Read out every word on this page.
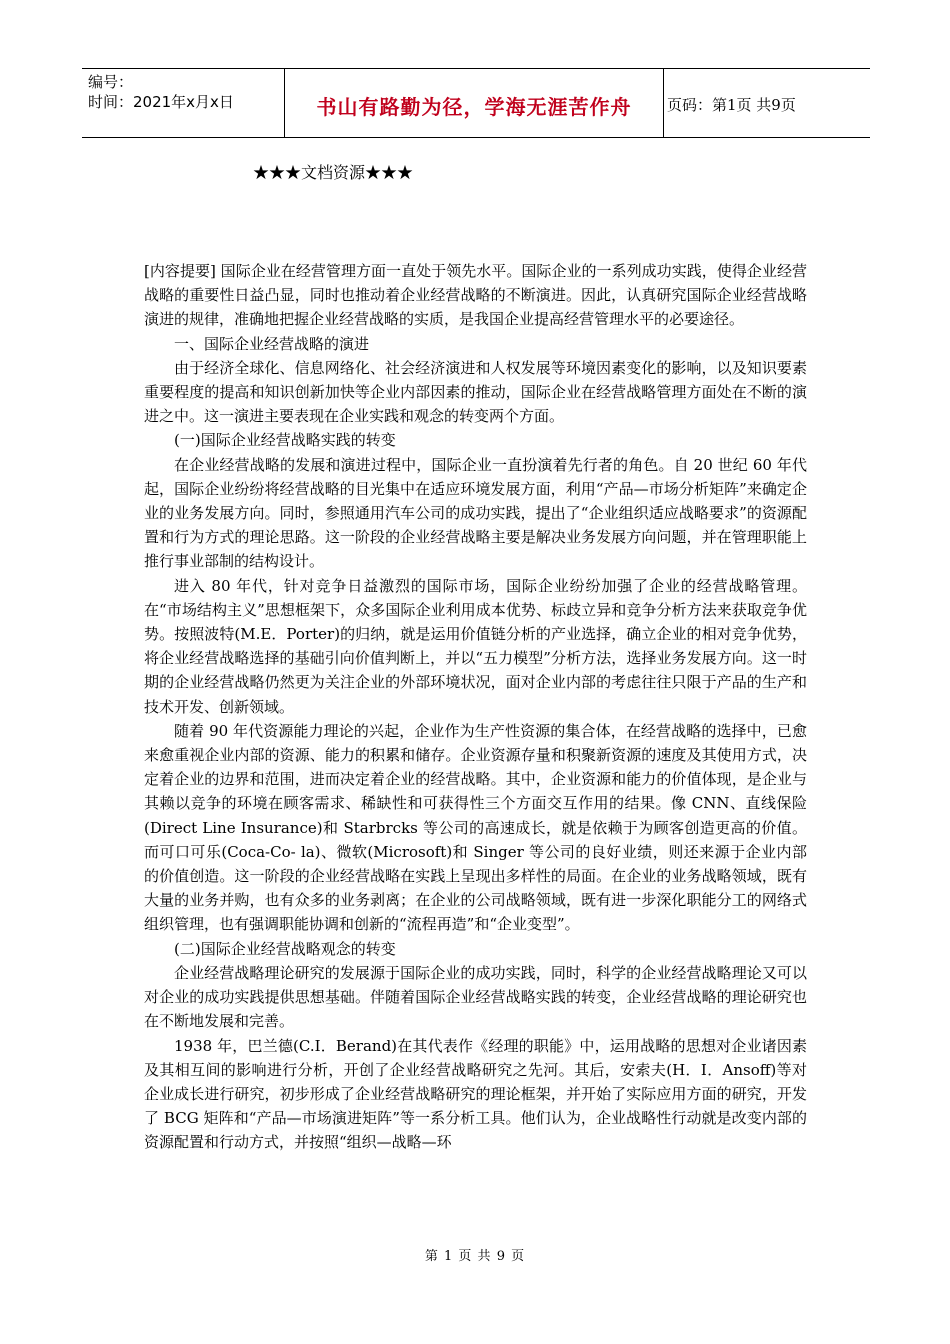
编号：
时间：2021年x月x日	书山有路勤为径，学海无涯苦作舟	页码：第1页 共9页
★★★文档资源★★★

[内容提要] 国际企业在经营管理方面一直处于领先水平。国际企业的一系列成功实践，使得企业经营战略的重要性日益凸显，同时也推动着企业经营战略的不断演进。因此，认真研究国际企业经营战略演进的规律，准确地把握企业经营战略的实质，是我国企业提高经营管理水平的必要途径。

一、国际企业经营战略的演进

由于经济全球化、信息网络化、社会经济演进和人权发展等环境因素变化的影响，以及知识要素重要程度的提高和知识创新加快等企业内部因素的推动，国际企业在经营战略管理方面处在不断的演进之中。这一演进主要表现在企业实践和观念的转变两个方面。

(一)国际企业经营战略实践的转变

在企业经营战略的发展和演进过程中，国际企业一直扮演着先行者的角色。自 20 世纪 60 年代起，国际企业纷纷将经营战略的目光集中在适应环境发展方面，利用“产品—市场分析矩阵”来确定企业的业务发展方向。同时，参照通用汽车公司的成功实践，提出了“企业组织适应战略要求”的资源配置和行为方式的理论思路。这一阶段的企业经营战略主要是解决业务发展方向问题，并在管理职能上推行事业部制的结构设计。

进入 80 年代，针对竞争日益激烈的国际市场，国际企业纷纷加强了企业的经营战略管理。在“市场结构主义”思想框架下，众多国际企业利用成本优势、标歧立异和竞争分析方法来获取竞争优势。按照波特(M.E．Porter)的归纳，就是运用价值链分析的产业选择，确立企业的相对竞争优势，将企业经营战略选择的基础引向价值判断上，并以“五力模型”分析方法，选择业务发展方向。这一时期的企业经营战略仍然更为关注企业的外部环境状况，面对企业内部的考虑往往只限于产品的生产和技术开发、创新领域。

随着 90 年代资源能力理论的兴起，企业作为生产性资源的集合体，在经营战略的选择中，已愈来愈重视企业内部的资源、能力的积累和储存。企业资源存量和积聚新资源的速度及其使用方式，决定着企业的边界和范围，进而决定着企业的经营战略。其中，企业资源和能力的价值体现，是企业与其赖以竞争的环境在顾客需求、稀缺性和可获得性三个方面交互作用的结果。像 CNN、直线保险(Direct Line Insurance)和 Starbrcks 等公司的高速成长，就是依赖于为顾客创造更高的价值。而可口可乐(Coca-Co- la)、微软(Microsoft)和 Singer 等公司的良好业绩，则还来源于企业内部的价值创造。这一阶段的企业经营战略在实践上呈现出多样性的局面。在企业的业务战略领域，既有大量的业务并购，也有众多的业务剥离；在企业的公司战略领域，既有进一步深化职能分工的网络式组织管理，也有强调职能协调和创新的“流程再造”和“企业变型”。

(二)国际企业经营战略观念的转变

企业经营战略理论研究的发展源于国际企业的成功实践，同时，科学的企业经营战略理论又可以对企业的成功实践提供思想基础。伴随着国际企业经营战略实践的转变，企业经营战略的理论研究也在不断地发展和完善。

1938 年，巴兰德(C.I．Berand)在其代表作《经理的职能》中，运用战略的思想对企业诸因素及其相互间的影响进行分析，开创了企业经营战略研究之先河。其后，安索夫(H．I．Ansoff)等对企业成长进行研究，初步形成了企业经营战略研究的理论框架，并开始了实际应用方面的研究，开发了 BCG 矩阵和“产品—市场演进矩阵”等一系分析工具。他们认为，企业战略性行动就是改变内部的资源配置和行动方式，并按照“组织—战略—环

第 1 页 共 9 页
